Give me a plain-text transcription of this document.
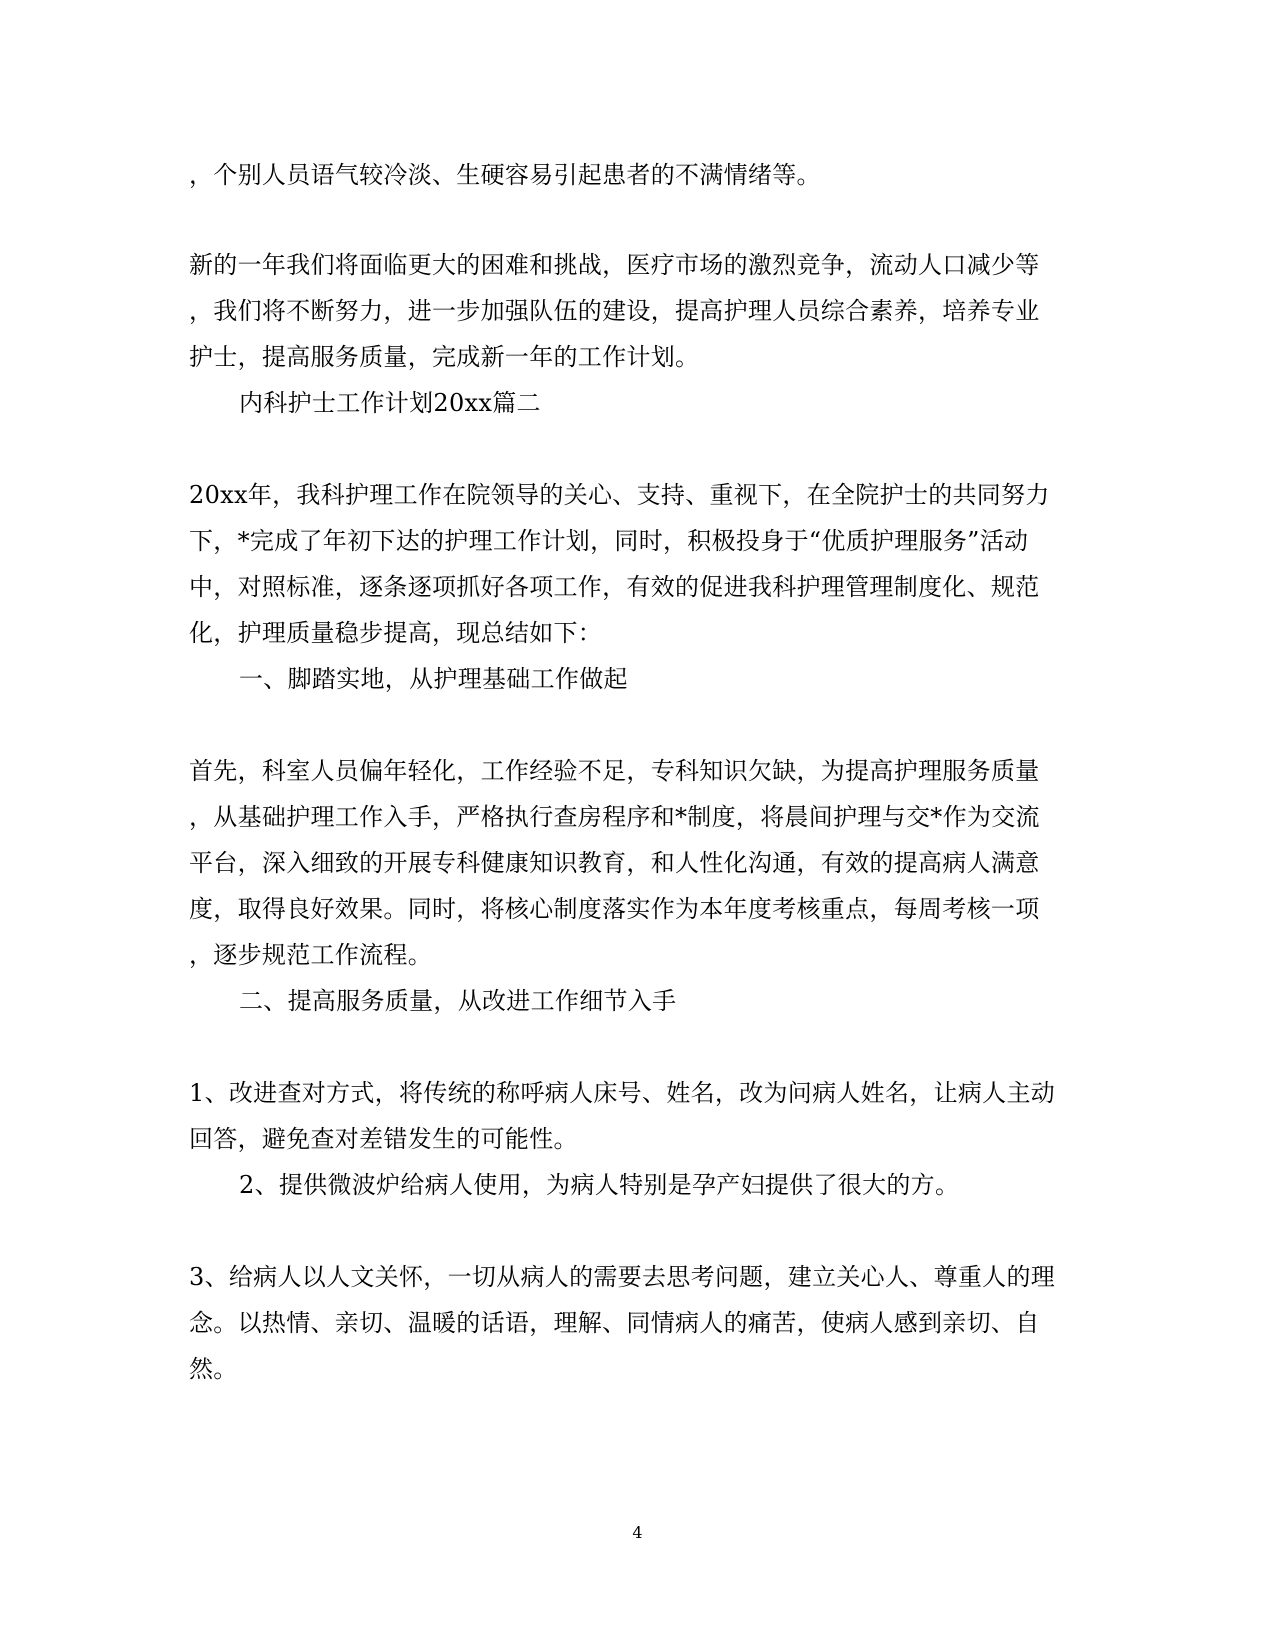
，个别人员语气较冷淡、生硬容易引起患者的不满情绪等。
新的一年我们将面临更大的困难和挑战，医疗市场的激烈竞争，流动人口减少等
，我们将不断努力，进一步加强队伍的建设，提高护理人员综合素养，培养专业
护士，提高服务质量，完成新一年的工作计划。
内科护士工作计划20xx篇二
20xx年，我科护理工作在院领导的关心、支持、重视下，在全院护士的共同努力
下，*完成了年初下达的护理工作计划，同时，积极投身于“优质护理服务”活动
中，对照标准，逐条逐项抓好各项工作，有效的促进我科护理管理制度化、规范
化，护理质量稳步提高，现总结如下：
一、脚踏实地，从护理基础工作做起
首先，科室人员偏年轻化，工作经验不足，专科知识欠缺，为提高护理服务质量
，从基础护理工作入手，严格执行查房程序和*制度，将晨间护理与交*作为交流
平台，深入细致的开展专科健康知识教育，和人性化沟通，有效的提高病人满意
度，取得良好效果。同时，将核心制度落实作为本年度考核重点，每周考核一项
，逐步规范工作流程。
二、提高服务质量，从改进工作细节入手
1、改进查对方式，将传统的称呼病人床号、姓名，改为问病人姓名，让病人主动
回答，避免查对差错发生的可能性。
2、提供微波炉给病人使用，为病人特别是孕产妇提供了很大的方。
3、给病人以人文关怀，一切从病人的需要去思考问题，建立关心人、尊重人的理
念。以热情、亲切、温暖的话语，理解、同情病人的痛苦，使病人感到亲切、自
然。
4
